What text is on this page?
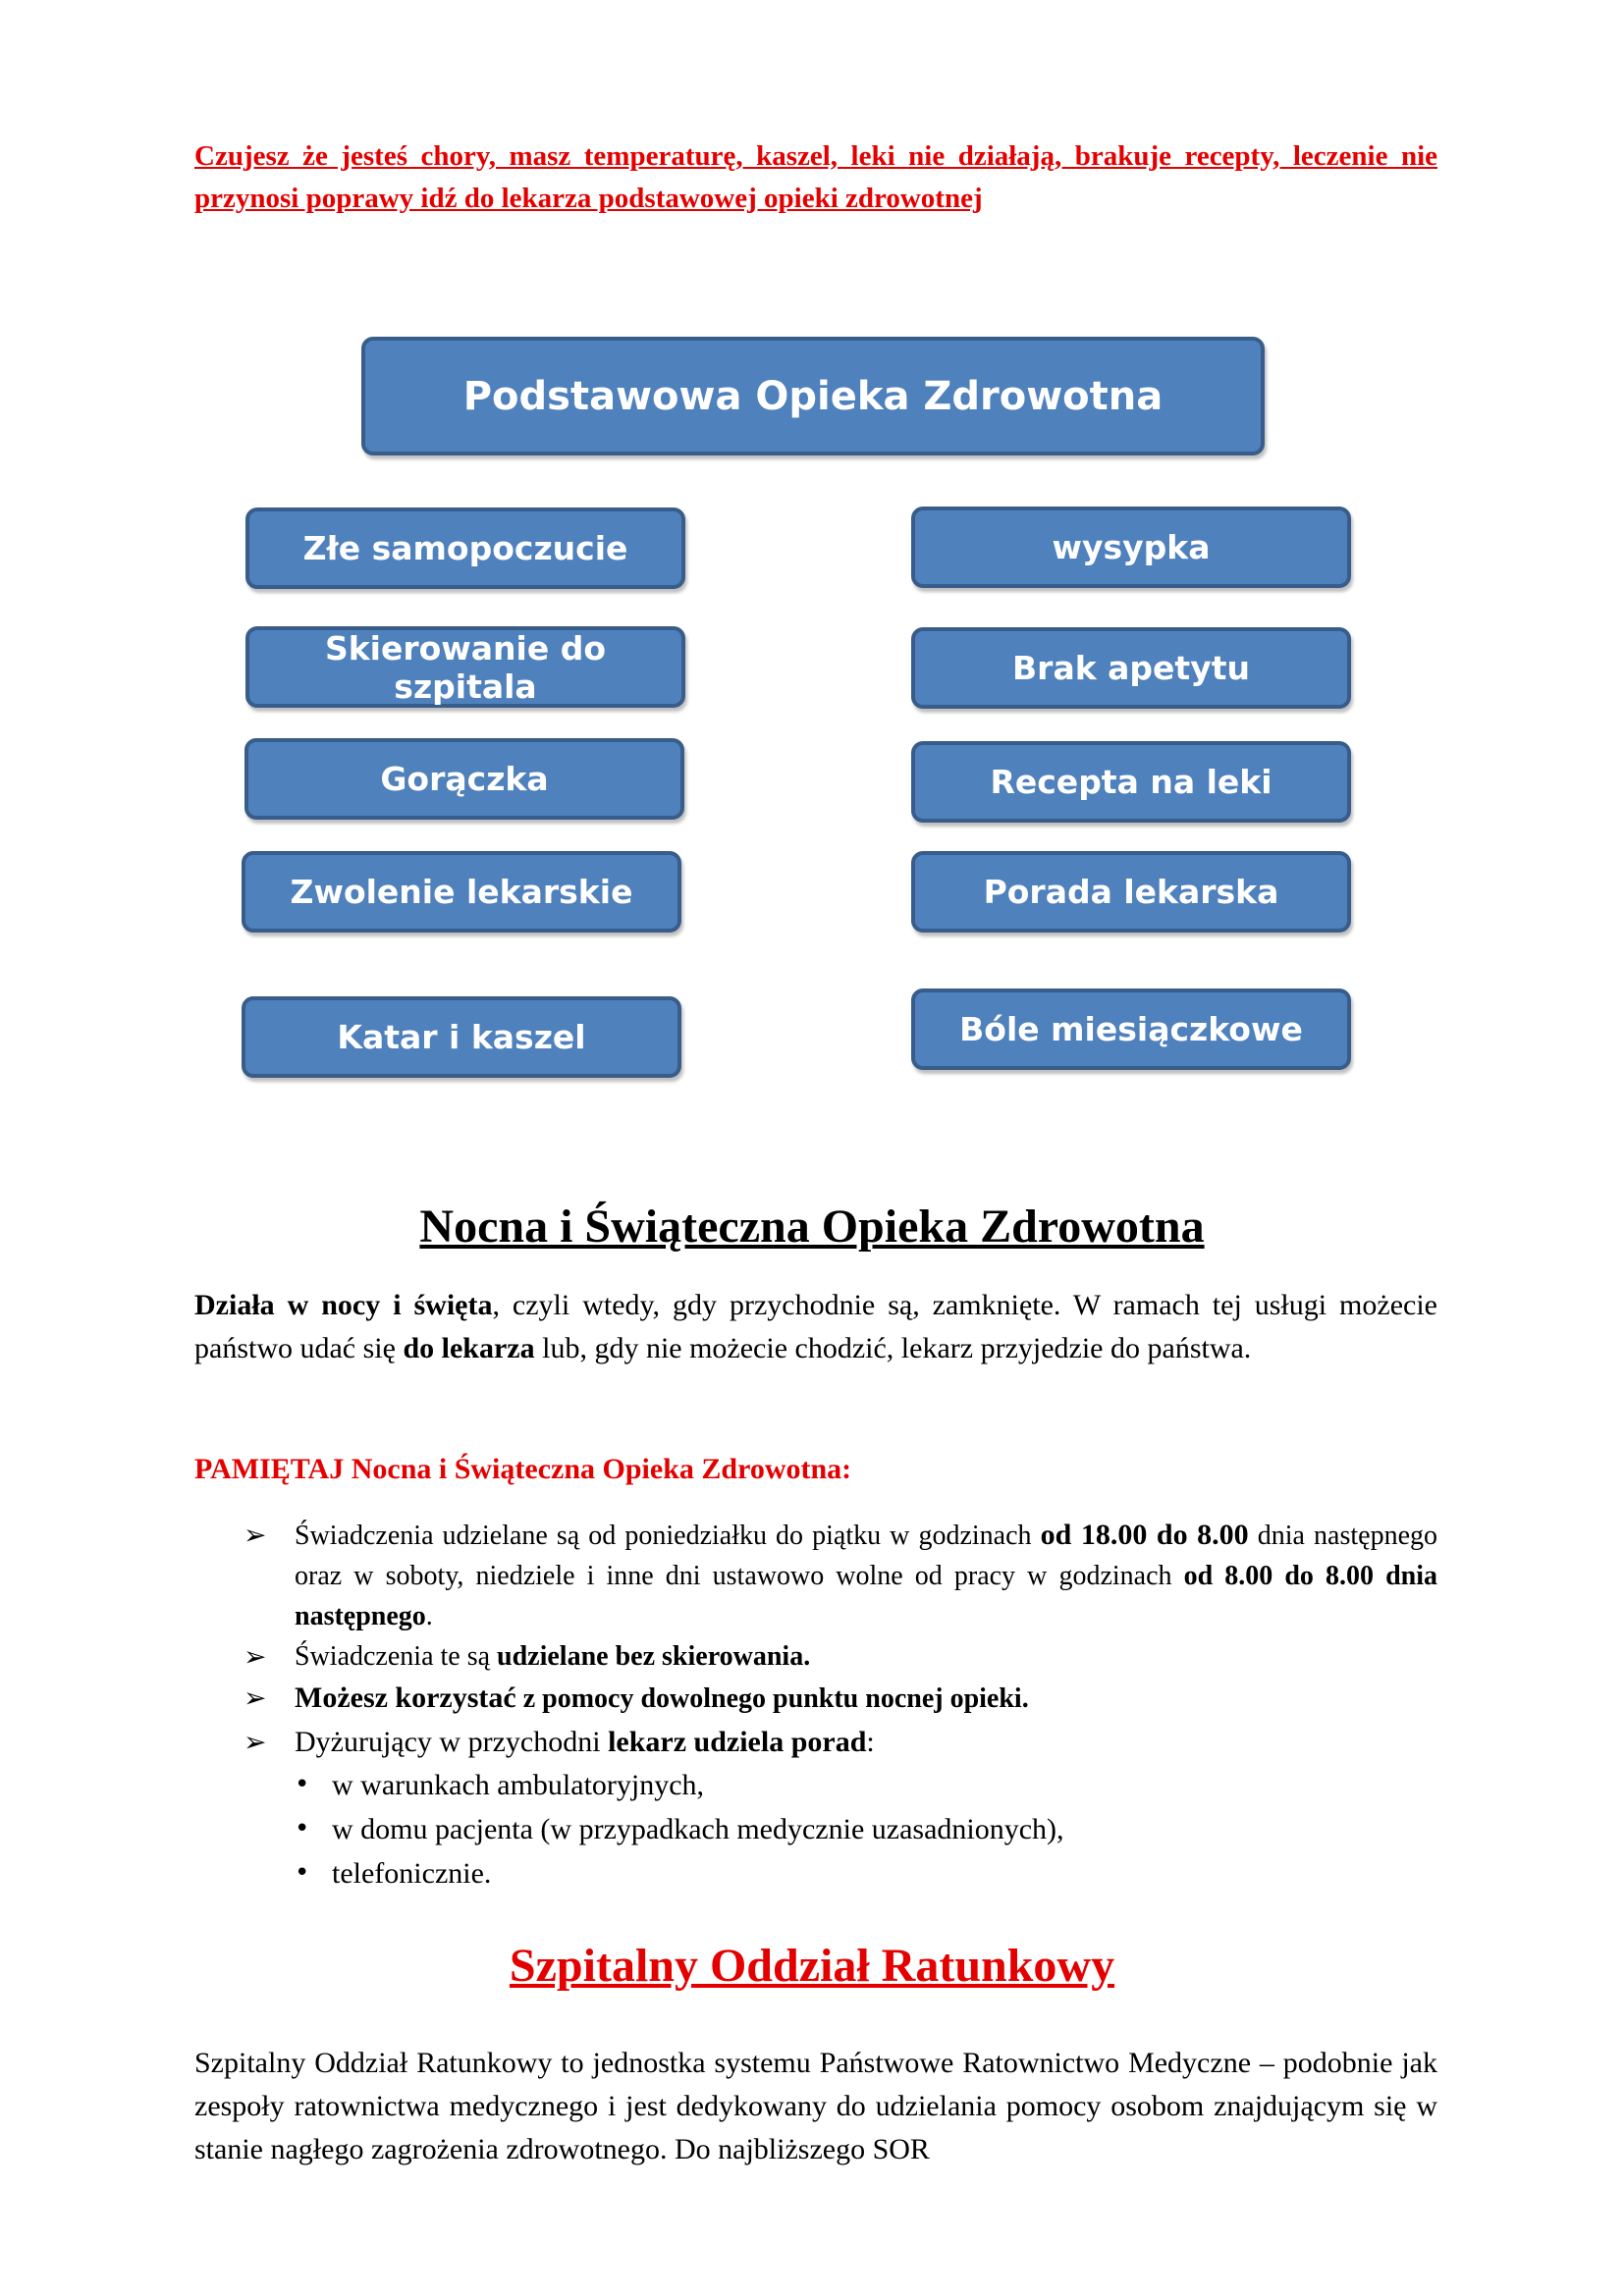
Czujesz że jesteś chory, masz temperaturę, kaszel, leki nie działają, brakuje recepty, leczenie nie przynosi poprawy idź do lekarza podstawowej opieki zdrowotnej
Podstawowa Opieka Zdrowotna
Złe samopoczucie
Skierowanie do szpitala
Gorączka
Zwolenie lekarskie
Katar i kaszel
wysypka
Brak apetytu
Recepta na leki
Porada lekarska
Bóle miesiączkowe
Nocna i Świąteczna Opieka Zdrowotna
Działa w nocy i święta, czyli wtedy, gdy przychodnie są, zamknięte. W ramach tej usługi możecie państwo udać się do lekarza lub, gdy nie możecie chodzić, lekarz przyjedzie do państwa.
PAMIĘTAJ Nocna i Świąteczna Opieka Zdrowotna:
➢ Świadczenia udzielane są od poniedziałku do piątku w godzinach od 18.00 do 8.00 dnia następnego oraz w soboty, niedziele i inne dni ustawowo wolne od pracy w godzinach od 8.00 do 8.00 dnia następnego.
➢ Świadczenia te są udzielane bez skierowania.
➢ Możesz korzystać z pomocy dowolnego punktu nocnej opieki.
➢ Dyżurujący w przychodni lekarz udziela porad:
• w warunkach ambulatoryjnych,
• w domu pacjenta (w przypadkach medycznie uzasadnionych),
• telefonicznie.
Szpitalny Oddział Ratunkowy
Szpitalny Oddział Ratunkowy to jednostka systemu Państwowe Ratownictwo Medyczne – podobnie jak zespoły ratownictwa medycznego i jest dedykowany do udzielania pomocy osobom znajdującym się w stanie nagłego zagrożenia zdrowotnego. Do najbliższego SOR
